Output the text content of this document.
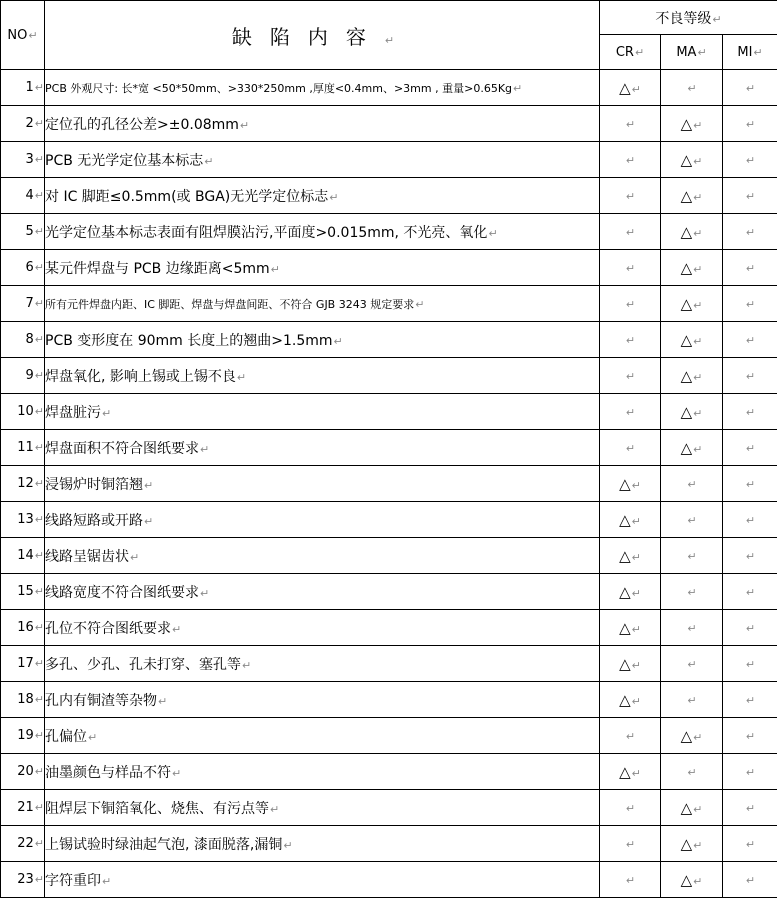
NO↵	缺陷内容↵	不良等级↵		
		CR↵	MA↵	MI↵
1↵	PCB 外观尺寸: 长*宽 <50*50mm、>330*250mm ,厚度<0.4mm、>3mm , 重量>0.65Kg↵	△↵	↵	↵
2↵	定位孔的孔径公差>±0.08mm↵	↵	△↵	↵
3↵	PCB 无光学定位基本标志↵	↵	△↵	↵
4↵	对 IC 脚距≤0.5mm(或 BGA)无光学定位标志↵	↵	△↵	↵
5↵	光学定位基本标志表面有阻焊膜沾污,平面度>0.015mm, 不光亮、氧化↵	↵	△↵	↵
6↵	某元件焊盘与 PCB 边缘距离<5mm↵	↵	△↵	↵
7↵	所有元件焊盘内距、IC 脚距、焊盘与焊盘间距、不符合 GJB 3243 规定要求↵	↵	△↵	↵
8↵	PCB 变形度在 90mm 长度上的翘曲>1.5mm↵	↵	△↵	↵
9↵	焊盘氧化, 影响上锡或上锡不良↵	↵	△↵	↵
10↵	焊盘脏污↵	↵	△↵	↵
11↵	焊盘面积不符合图纸要求↵	↵	△↵	↵
12↵	浸锡炉时铜箔翘↵	△↵	↵	↵
13↵	线路短路或开路↵	△↵	↵	↵
14↵	线路呈锯齿状↵	△↵	↵	↵
15↵	线路宽度不符合图纸要求↵	△↵	↵	↵
16↵	孔位不符合图纸要求↵	△↵	↵	↵
17↵	多孔、少孔、孔未打穿、塞孔等↵	△↵	↵	↵
18↵	孔内有铜渣等杂物↵	△↵	↵	↵
19↵	孔偏位↵	↵	△↵	↵
20↵	油墨颜色与样品不符↵	△↵	↵	↵
21↵	阻焊层下铜箔氧化、烧焦、有污点等↵	↵	△↵	↵
22↵	上锡试验时绿油起气泡, 漆面脱落,漏铜↵	↵	△↵	↵
23↵	字符重印↵	↵	△↵	↵
